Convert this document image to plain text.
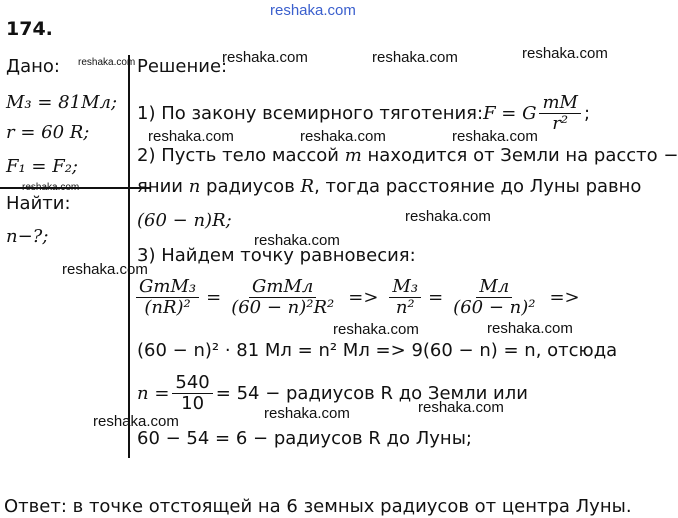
reshaka.com
174.
Дано: reshaka.com
M₃ = 81Mл;
r = 60 R;
F₁ = F₂;
reshaka.com
Найти:
n−?;
Решение:
reshaka.com	reshaka.com	reshaka.com
1) По закону всемирного тяготения: F = G $\frac{mM}{\text{r²}}$ ;
reshaka.com	reshaka.com	reshaka.com
2) Пусть тело массой m находится от Земли на рассто −
янии n радиусов R, тогда расстояние до Луны равно
(60 − n)R;	reshaka.com
reshaka.com
3) Найдем точку равновесия:
reshaka.com
$\frac{\text{GmM₃}}{\text{(nR)²}} = \frac{\text{GmMл}}{\text{(60 − n)²R²}} => \frac{\text{M₃}}{\text{n²}} = \frac{Mл}{\text{(60 − n)²}}$ =>
reshaka.com	reshaka.com
(60 − n)² · 81 Mл = n² Mл => 9(60 − n) = n, отсюда
$n = \frac{540}{10} = 54$ − радиусов R до Земли или
reshaka.com
reshaka.com
reshaka.com
60 − 54 = 6 − радиусов R до Луны;
Ответ: в точке отстоящей на 6 земных радиусов от центра Луны.
